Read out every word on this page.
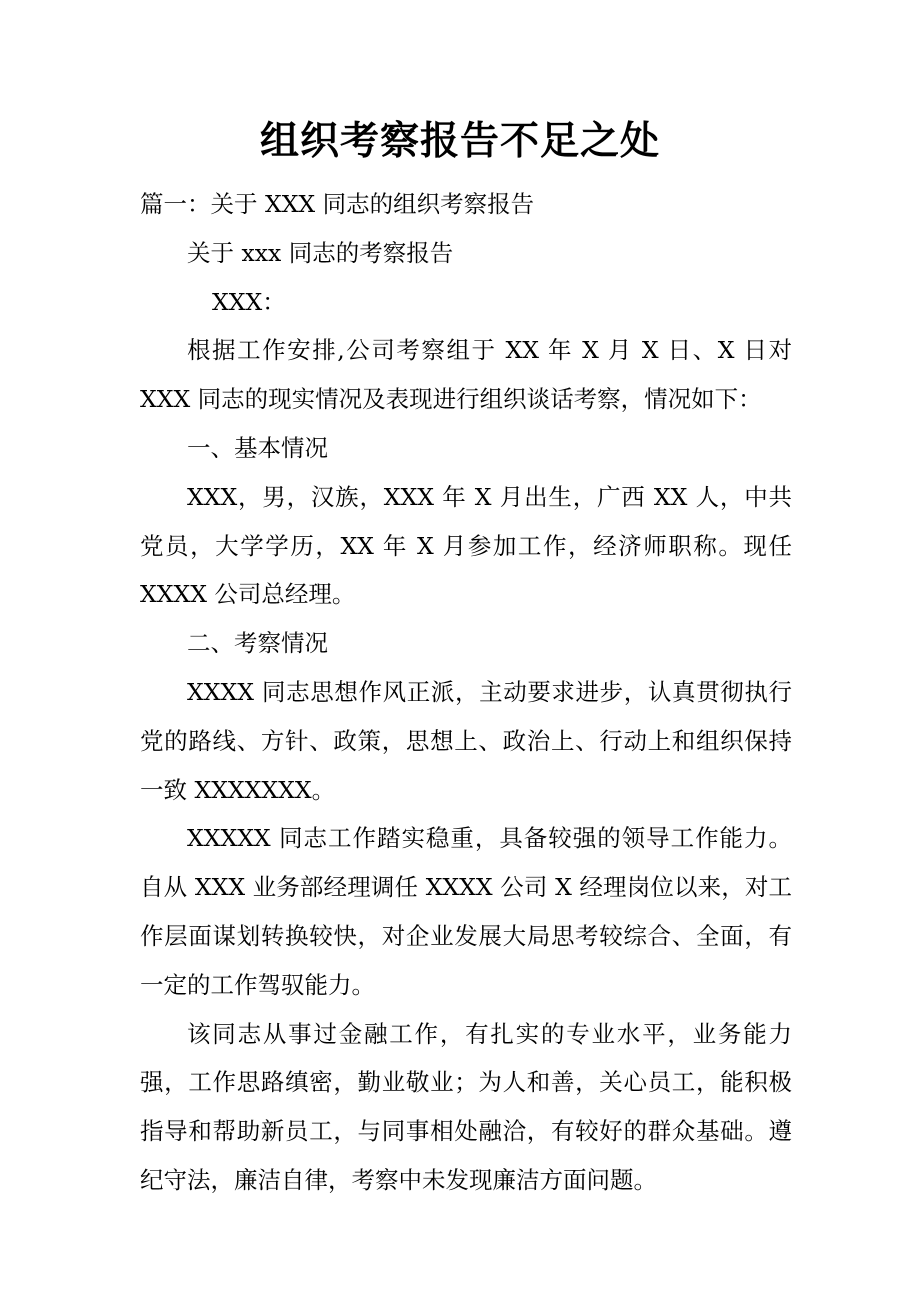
组织考察报告不足之处

篇一：关于 XXX 同志的组织考察报告

关于 xxx 同志的考察报告

XXX：

根据工作安排,公司考察组于 XX 年 X 月 X 日、X 日对 XXX 同志的现实情况及表现进行组织谈话考察，情况如下：

一、基本情况

XXX，男，汉族，XXX 年 X 月出生，广西 XX 人，中共党员，大学学历，XX 年 X 月参加工作，经济师职称。现任 XXXX 公司总经理。

二、考察情况

XXXX 同志思想作风正派，主动要求进步，认真贯彻执行党的路线、方针、政策，思想上、政治上、行动上和组织保持一致 XXXXXXX。

XXXXX 同志工作踏实稳重，具备较强的领导工作能力。自从 XXX 业务部经理调任 XXXX 公司 X 经理岗位以来，对工作层面谋划转换较快，对企业发展大局思考较综合、全面，有一定的工作驾驭能力。

该同志从事过金融工作，有扎实的专业水平，业务能力强，工作思路缜密，勤业敬业；为人和善，关心员工，能积极指导和帮助新员工，与同事相处融洽，有较好的群众基础。遵纪守法，廉洁自律，考察中未发现廉洁方面问题。
